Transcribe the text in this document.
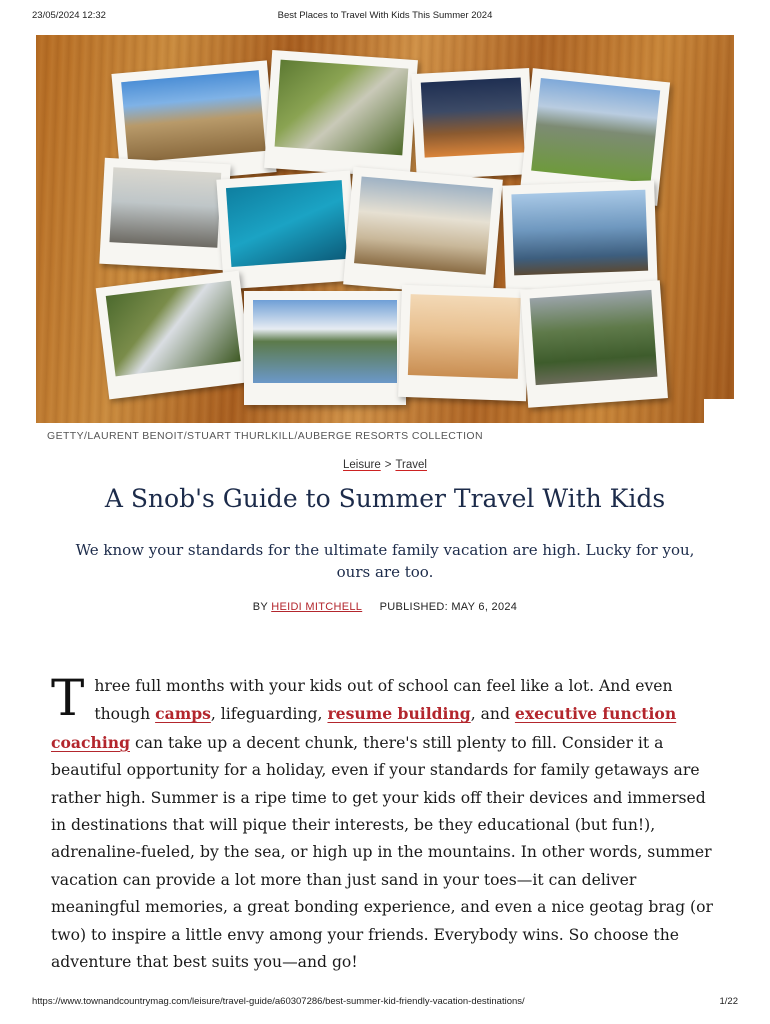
23/05/2024 12:32	Best Places to Travel With Kids This Summer 2024
GETTY/LAURENT BENOIT/STUART THURLKILL/AUBERGE RESORTS COLLECTION
Leisure > Travel
A Snob's Guide to Summer Travel With Kids
We know your standards for the ultimate family vacation are high. Lucky for you, ours are too.
BY HEIDI MITCHELL PUBLISHED: MAY 6, 2024

Three full months with your kids out of school can feel like a lot. And even though camps, lifeguarding, resume building, and executive function coaching can take up a decent chunk, there's still plenty to fill. Consider it a beautiful opportunity for a holiday, even if your standards for family getaways are rather high. Summer is a ripe time to get your kids off their devices and immersed in destinations that will pique their interests, be they educational (but fun!), adrenaline-fueled, by the sea, or high up in the mountains. In other words, summer vacation can provide a lot more than just sand in your toes—it can deliver meaningful memories, a great bonding experience, and even a nice geotag brag (or two) to inspire a little envy among your friends. Everybody wins. So choose the adventure that best suits you—and go!

https://www.townandcountrymag.com/leisure/travel-guide/a60307286/best-summer-kid-friendly-vacation-destinations/	1/22
